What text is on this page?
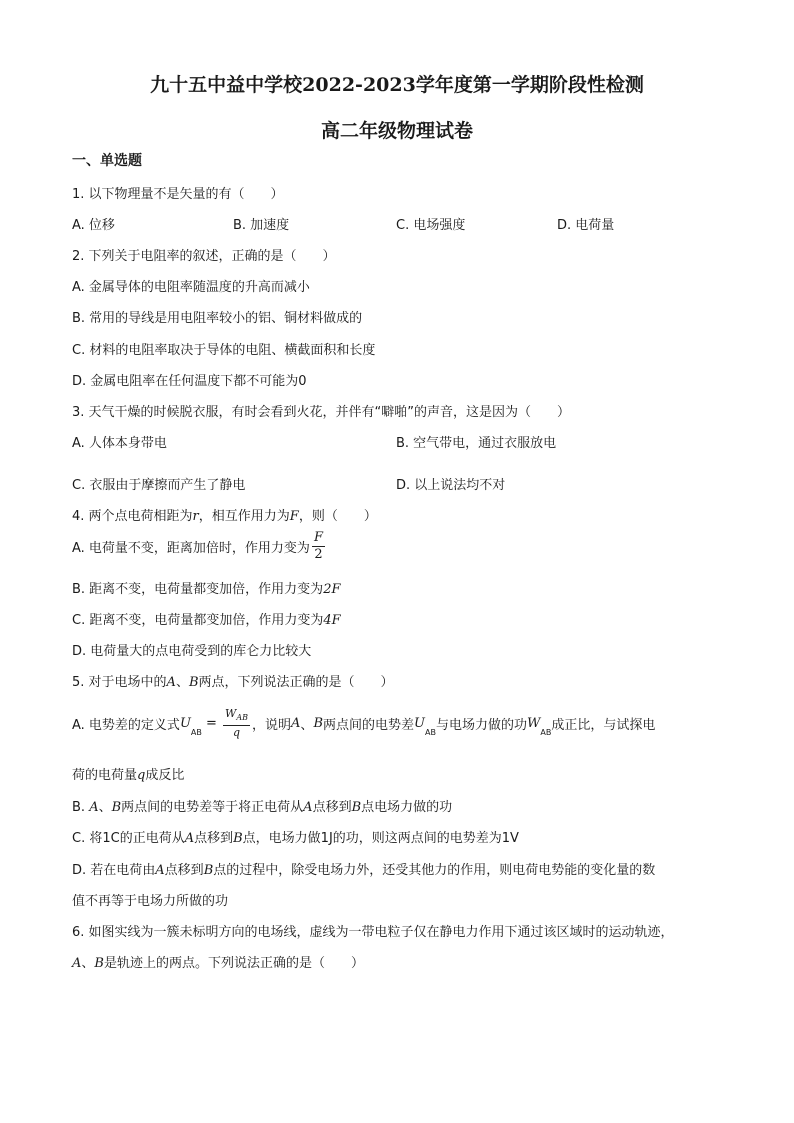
九十五中益中学校2022-2023学年度第一学期阶段性检测
高二年级物理试卷
一、单选题
1. 以下物理量不是矢量的有（　　）
A. 位移	B. 加速度	C. 电场强度	D. 电荷量
2. 下列关于电阻率的叙述，正确的是（　　）
A. 金属导体的电阻率随温度的升高而减小
B. 常用的导线是用电阻率较小的铝、铜材料做成的
C. 材料的电阻率取决于导体的电阻、横截面积和长度
D. 金属电阻率在任何温度下都不可能为0
3. 天气干燥的时候脱衣服，有时会看到火花，并伴有“噼啪”的声音，这是因为（　　）
A. 人体本身带电	B. 空气带电，通过衣服放电
C. 衣服由于摩擦而产生了静电	D. 以上说法均不对
4. 两个点电荷相距为r，相互作用力为F，则（　　）
A. 电荷量不变，距离加倍时，作用力变为 $\frac{F}{2}$
B. 距离不变，电荷量都变加倍，作用力变为2F
C. 距离不变，电荷量都变加倍，作用力变为4F
D. 电荷量大的点电荷受到的库仑力比较大
5. 对于电场中的A、B两点，下列说法正确的是（　　）
A. 电势差的定义式$U_{AB} = \frac{W_{AB}}{q}$ ，说明A、B两点间的电势差$U_{AB}$与电场力做的功$W_{AB}$成正比，与试探电
荷的电荷量q成反比
B. A、B两点间的电势差等于将正电荷从A点移到B点电场力做的功
C. 将1C的正电荷从A点移到B点，电场力做1J的功，则这两点间的电势差为1V
D. 若在电荷由A点移到B点的过程中，除受电场力外，还受其他力的作用，则电荷电势能的变化量的数
值不再等于电场力所做的功
6. 如图实线为一簇未标明方向的电场线，虚线为一带电粒子仅在静电力作用下通过该区域时的运动轨迹，
A、B是轨迹上的两点。下列说法正确的是（　　）
